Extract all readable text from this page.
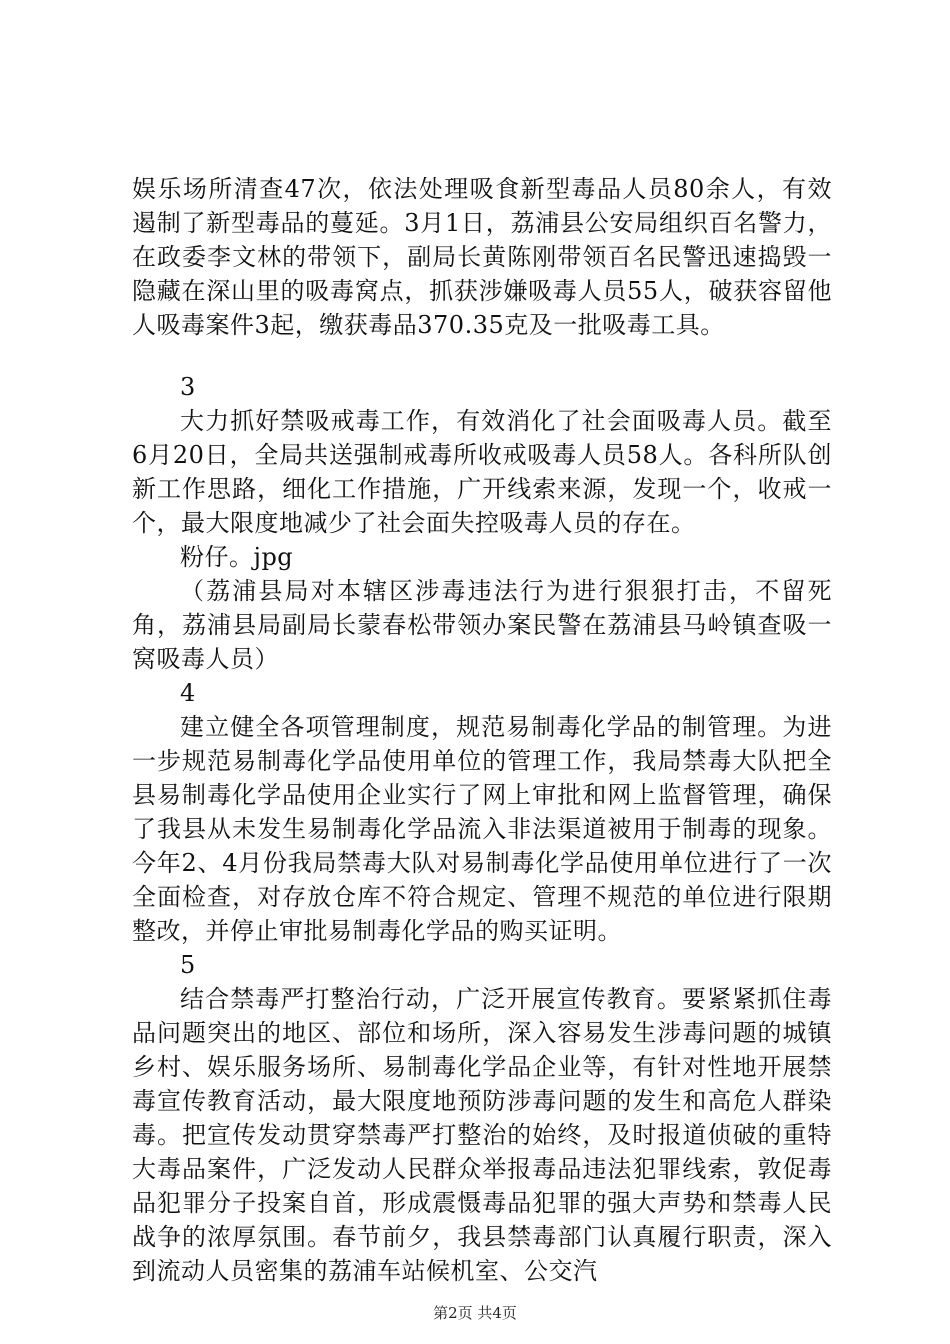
娱乐场所清查47次，依法处理吸食新型毒品人员80余人，有效遏制了新型毒品的蔓延。3月1日，荔浦县公安局组织百名警力，在政委李文林的带领下，副局长黄陈刚带领百名民警迅速捣毁一隐藏在深山里的吸毒窝点，抓获涉嫌吸毒人员55人，破获容留他人吸毒案件3起，缴获毒品370.35克及一批吸毒工具。

3

大力抓好禁吸戒毒工作，有效消化了社会面吸毒人员。截至6月20日，全局共送强制戒毒所收戒吸毒人员58人。各科所队创新工作思路，细化工作措施，广开线索来源，发现一个，收戒一个，最大限度地减少了社会面失控吸毒人员的存在。

粉仔。jpg

（荔浦县局对本辖区涉毒违法行为进行狠狠打击，不留死角，荔浦县局副局长蒙春松带领办案民警在荔浦县马岭镇查吸一窝吸毒人员）

4

建立健全各项管理制度，规范易制毒化学品的制管理。为进一步规范易制毒化学品使用单位的管理工作，我局禁毒大队把全县易制毒化学品使用企业实行了网上审批和网上监督管理，确保了我县从未发生易制毒化学品流入非法渠道被用于制毒的现象。今年2、4月份我局禁毒大队对易制毒化学品使用单位进行了一次全面检查，对存放仓库不符合规定、管理不规范的单位进行限期整改，并停止审批易制毒化学品的购买证明。

5

结合禁毒严打整治行动，广泛开展宣传教育。要紧紧抓住毒品问题突出的地区、部位和场所，深入容易发生涉毒问题的城镇乡村、娱乐服务场所、易制毒化学品企业等，有针对性地开展禁毒宣传教育活动，最大限度地预防涉毒问题的发生和高危人群染毒。把宣传发动贯穿禁毒严打整治的始终，及时报道侦破的重特大毒品案件，广泛发动人民群众举报毒品违法犯罪线索，敦促毒品犯罪分子投案自首，形成震慑毒品犯罪的强大声势和禁毒人民战争的浓厚氛围。春节前夕，我县禁毒部门认真履行职责，深入到流动人员密集的荔浦车站候机室、公交汽

第2页 共4页
